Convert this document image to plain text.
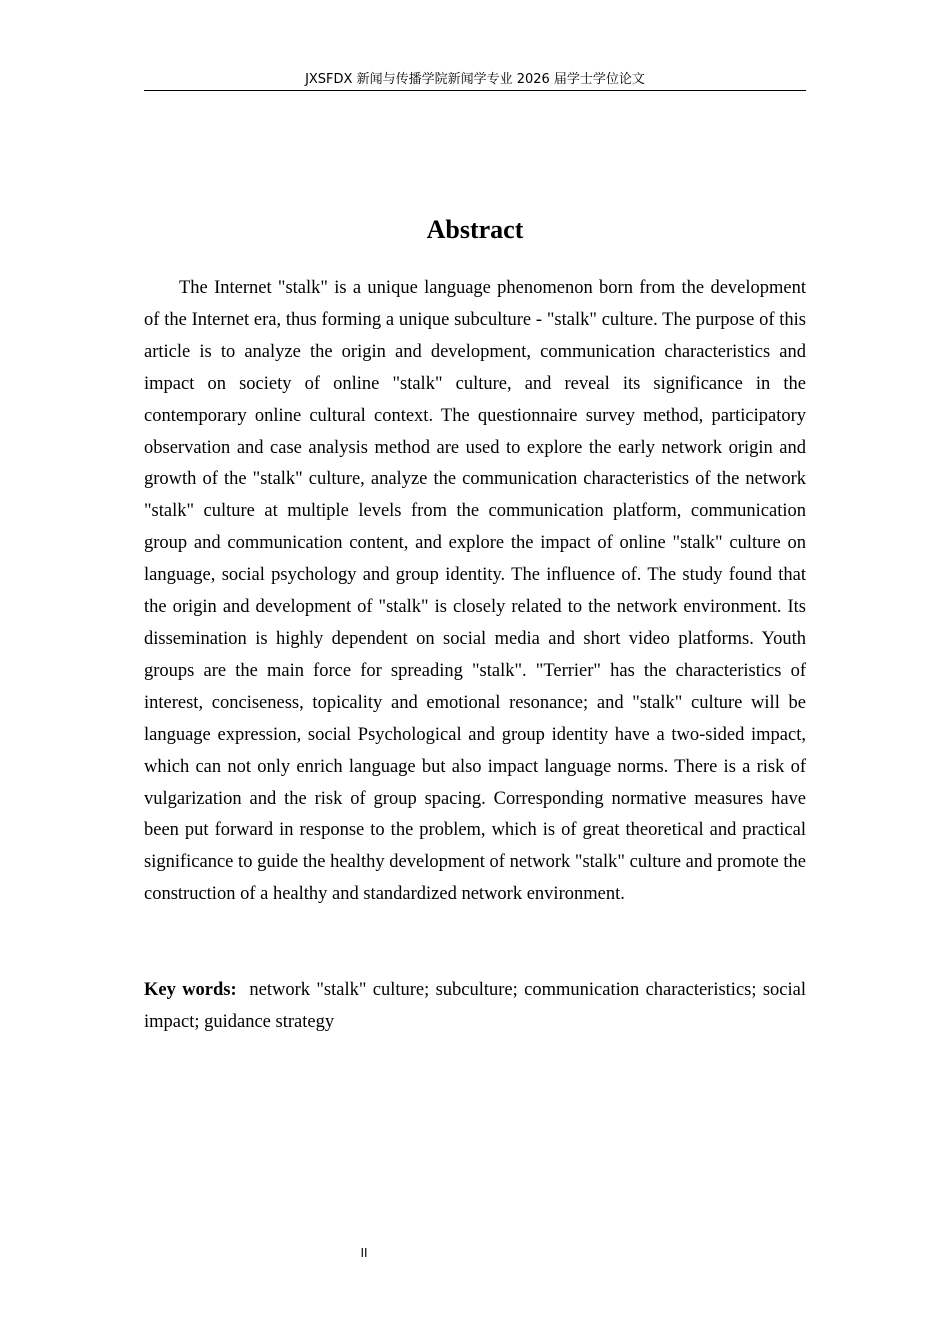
JXSFDX 新闻与传播学院新闻学专业 2026 届学士学位论文
Abstract

The Internet "stalk" is a unique language phenomenon born from the development of the Internet era, thus forming a unique subculture - "stalk" culture. The purpose of this article is to analyze the origin and development, communication characteristics and impact on society of online "stalk" culture, and reveal its significance in the contemporary online cultural context. The questionnaire survey method, participatory observation and case analysis method are used to explore the early network origin and growth of the "stalk" culture, analyze the communication characteristics of the network "stalk" culture at multiple levels from the communication platform, communication group and communication content, and explore the impact of online "stalk" culture on language, social psychology and group identity. The influence of. The study found that the origin and development of "stalk" is closely related to the network environment. Its dissemination is highly dependent on social media and short video platforms. Youth groups are the main force for spreading "stalk". "Terrier" has the characteristics of interest, conciseness, topicality and emotional resonance; and "stalk" culture will be language expression, social Psychological and group identity have a two-sided impact, which can not only enrich language but also impact language norms. There is a risk of vulgarization and the risk of group spacing. Corresponding normative measures have been put forward in response to the problem, which is of great theoretical and practical significance to guide the healthy development of network "stalk" culture and promote the construction of a healthy and standardized network environment.

Key words: network "stalk" culture; subculture; communication characteristics; social impact; guidance strategy

II
